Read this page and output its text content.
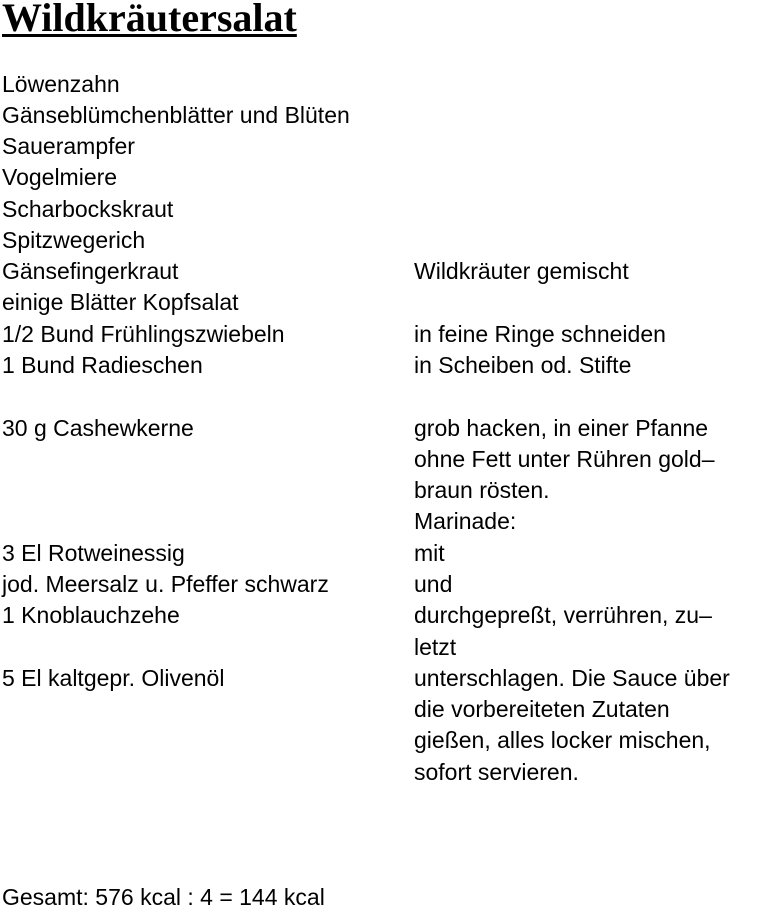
Wildkräutersalat
Löwenzahn
Gänseblümchenblätter und Blüten
Sauerampfer
Vogelmiere
Scharbockskraut
Spitzwegerich
Gänsefingerkraut	Wildkräuter gemischt
einige Blätter Kopfsalat
1/2 Bund Frühlingszwiebeln	in feine Ringe schneiden
1 Bund Radieschen	in Scheiben od. Stifte
30 g Cashewkerne	grob hacken, in einer Pfanne
ohne Fett unter Rühren gold–
braun rösten.
Marinade:
3 El Rotweinessig	mit
jod. Meersalz u. Pfeffer schwarz	und
1 Knoblauchzehe	durchgepreßt, verrühren, zu–
letzt
5 El kaltgepr. Olivenöl	unterschlagen. Die Sauce über
die vorbereiteten Zutaten
gießen, alles locker mischen,
sofort servieren.
Gesamt: 576 kcal : 4 = 144 kcal
